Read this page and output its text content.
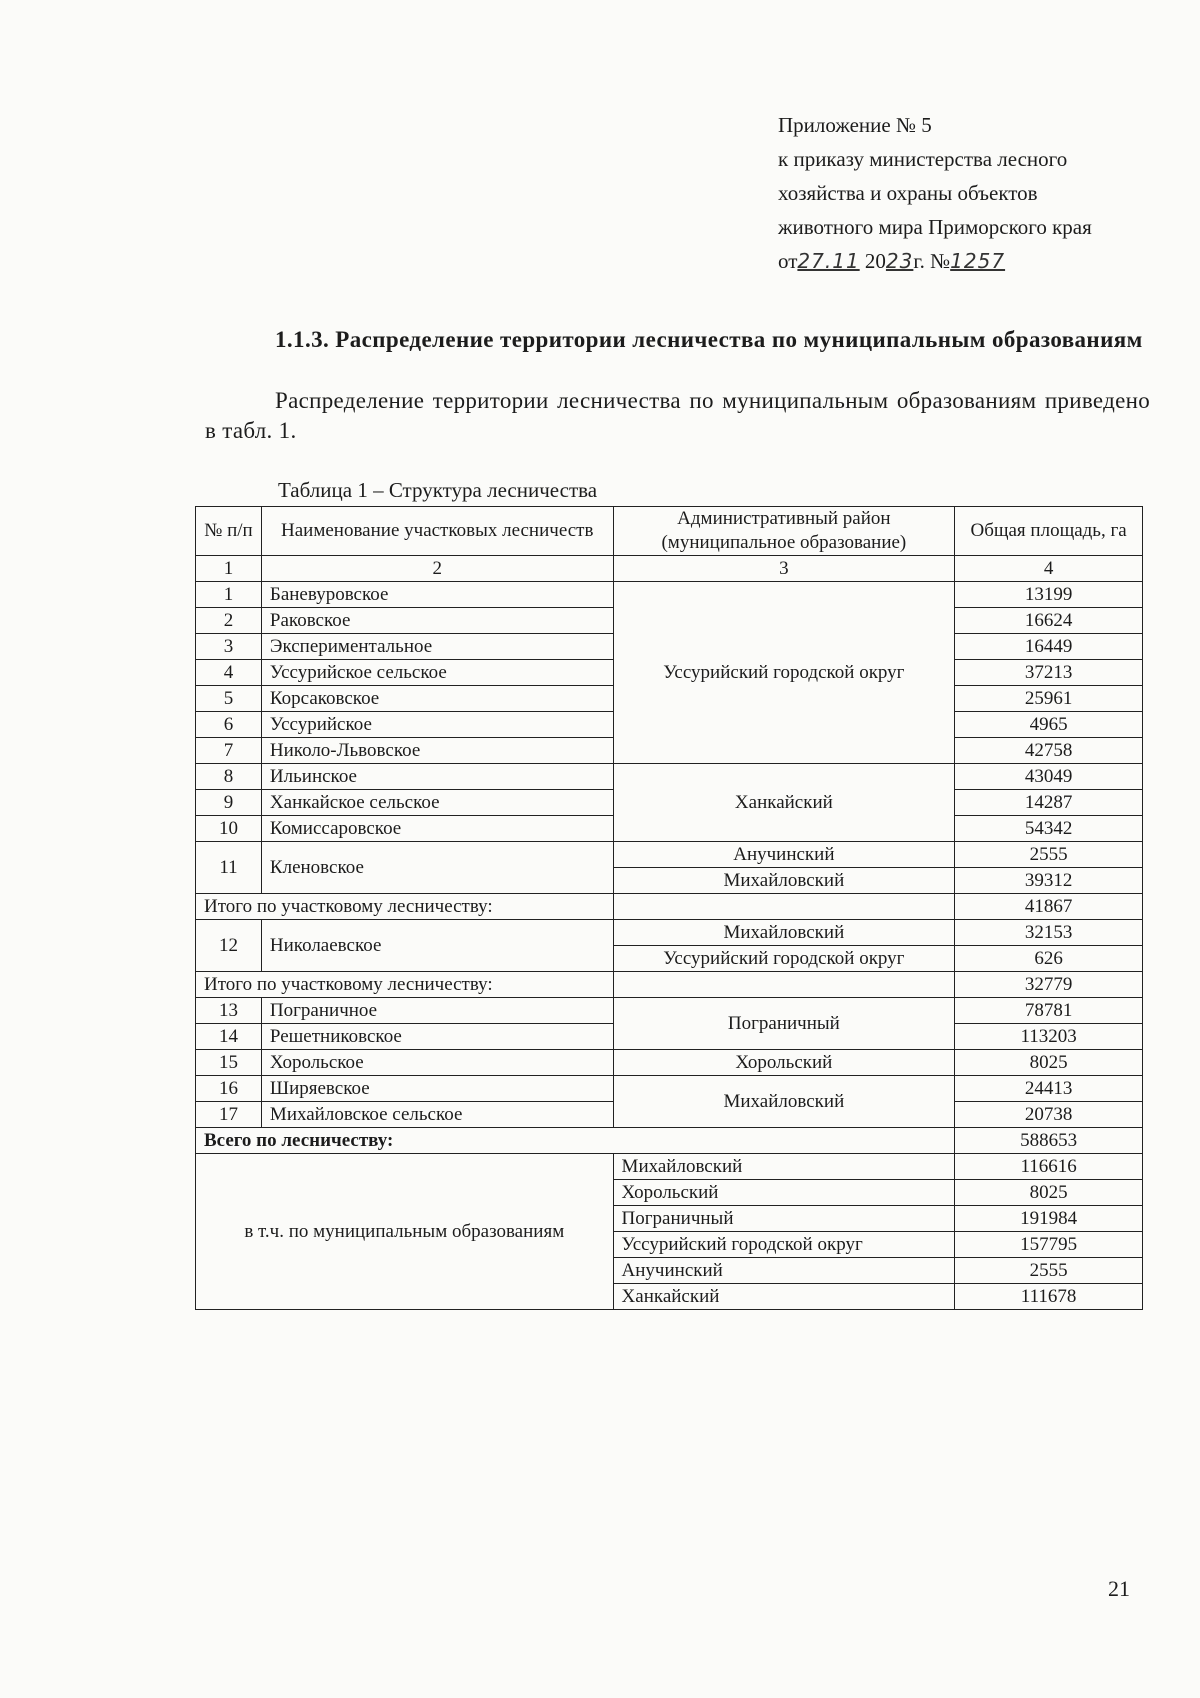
Приложение № 5
к приказу министерства лесного
хозяйства и охраны объектов
животного мира Приморского края
от27.11 2023г. №1257
1.1.3. Распределение территории лесничества по муниципальным образованиям
Распределение территории лесничества по муниципальным образованиям приведено в табл. 1.
Таблица 1 – Структура лесничества
№ п/п	Наименование участковых лесничеств	Административный район (муниципальное образование)	Общая площадь, га
1	2	3	4
1	Баневуровское	Уссурийский городской округ	13199
2	Раковское		16624
3	Экспериментальное		16449
4	Уссурийское сельское		37213
5	Корсаковское		25961
6	Уссурийское		4965
7	Николо-Львовское		42758
8	Ильинское	Ханкайский	43049
9	Ханкайское сельское		14287
10	Комиссаровское		54342
11	Кленовское	Анучинский	2555
		Михайловский	39312
Итого по участковому лесничеству:			41867
12	Николаевское	Михайловский	32153
		Уссурийский городской округ	626
Итого по участковому лесничеству:			32779
13	Пограничное	Пограничный	78781
14	Решетниковское		113203
15	Хорольское	Хорольский	8025
16	Ширяевское	Михайловский	24413
17	Михайловское сельское		20738
Всего по лесничеству:			588653
в т.ч. по муниципальным образованиям		Михайловский	116616
		Хорольский	8025
		Пограничный	191984
		Уссурийский городской округ	157795
		Анучинский	2555
		Ханкайский	111678
21
